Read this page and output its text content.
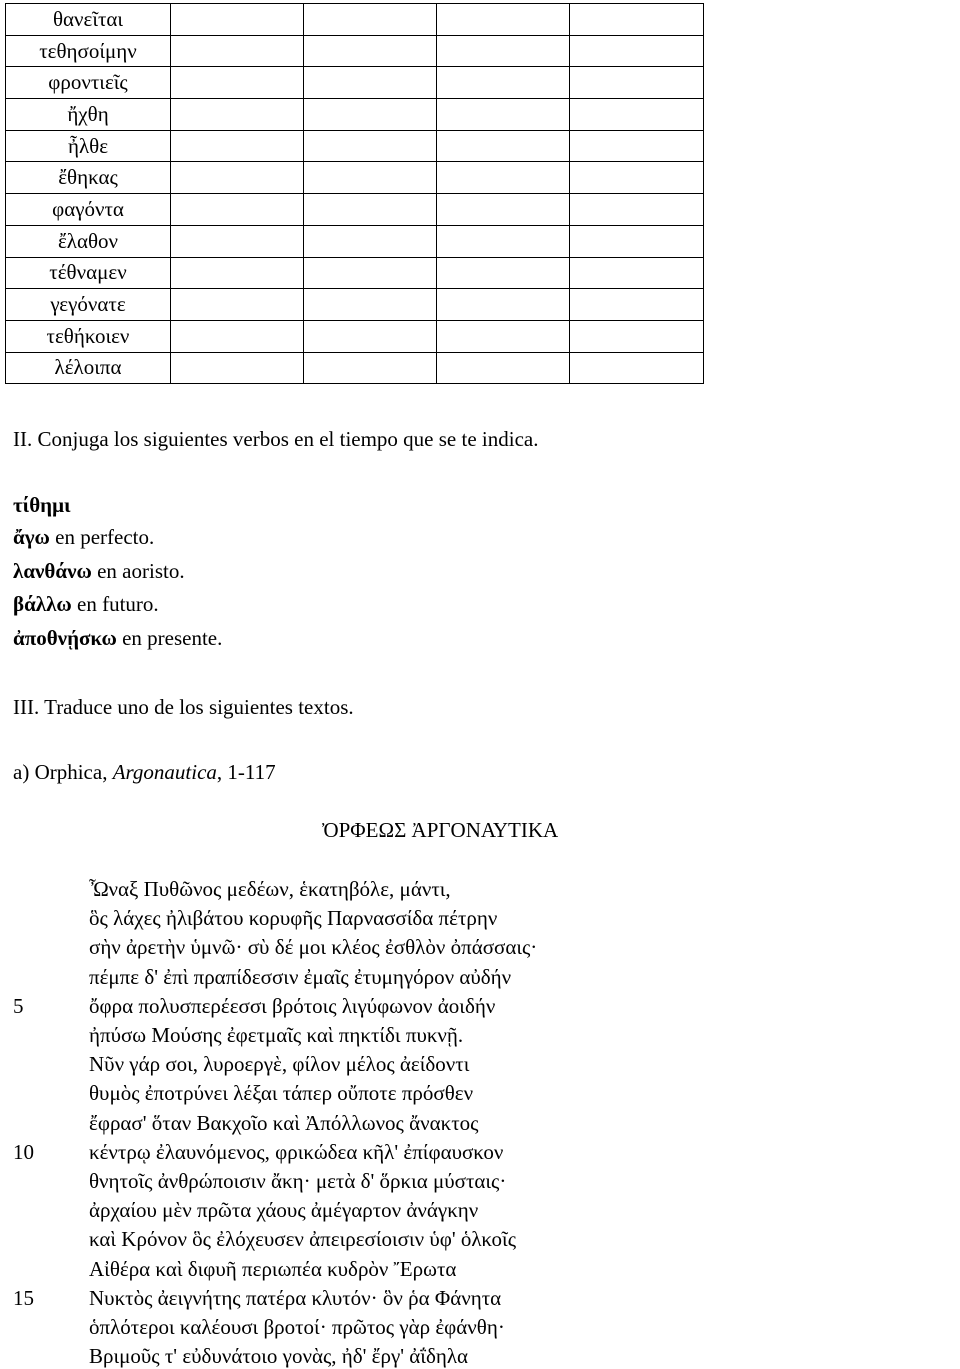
θανεῖται				
τεθησοίμην				
φροντιεῖς				
ἤχθη				
ἦλθε				
ἔθηκας				
φαγόντα				
ἔλαθον				
τέθναμεν				
γεγόνατε				
τεθήκοιεν				
λέλοιπα				
II. Conjuga los siguientes verbos en el tiempo que se te indica.
τίθημι
ἄγω en perfecto.
λανθάνω en aoristo.
βάλλω en futuro.
ἀποθνῄσκω en presente.
III. Traduce uno de los siguientes textos.
a) Orphica, Argonautica, 1-117
ὈΡΦΕΩΣ ἈΡΓΟΝΑΥΤΙΚΑ
Ὦναξ Πυθῶνος μεδέων, ἑκατηβόλε, μάντι,
ὃς λάχες ἠλιβάτου κορυφῆς Παρνασσίδα πέτρην
σὴν ἀρετὴν ὑμνῶ· σὺ δέ μοι κλέος ἐσθλὸν ὀπάσσαις·
πέμπε δ' ἐπὶ πραπίδεσσιν ἐμαῖς ἐτυμηγόρον αὐδήν
ὄφρα πολυσπερέεσσι βρότοις λιγύφωνον ἀοιδήν
ἠπύσω Μούσης ἐφετμαῖς καὶ πηκτίδι πυκνῇ.
Νῦν γάρ σοι, λυροεργὲ, φίλον μέλος ἀείδοντι
θυμὸς ἐποτρύνει λέξαι τάπερ οὔποτε πρόσθεν
ἔφρασ' ὅταν Βακχοῖο καὶ Ἀπόλλωνος ἄνακτος
κέντρῳ ἐλαυνόμενος, φρικώδεα κῆλ' ἐπίφαυσκον
θνητοῖς ἀνθρώποισιν ἄκη· μετὰ δ' ὅρκια μύσταις·
ἀρχαίου μὲν πρῶτα χάους ἀμέγαρτον ἀνάγκην
καὶ Κρόνον ὃς ἐλόχευσεν ἀπειρεσίοισιν ὑφ' ὁλκοῖς
Αἰθέρα καὶ διφυῆ περιωπέα κυδρὸν Ἔρωτα
Νυκτὸς ἀειγνήτης πατέρα κλυτόν· ὃν ῥα Φάνητα
ὁπλότεροι καλέουσι βροτοί· πρῶτος γὰρ ἐφάνθη·
Βριμοῦς τ' εὐδυνάτοιο γονὰς, ἠδ' ἔργ' ἀΐδηλα
5
10
15
